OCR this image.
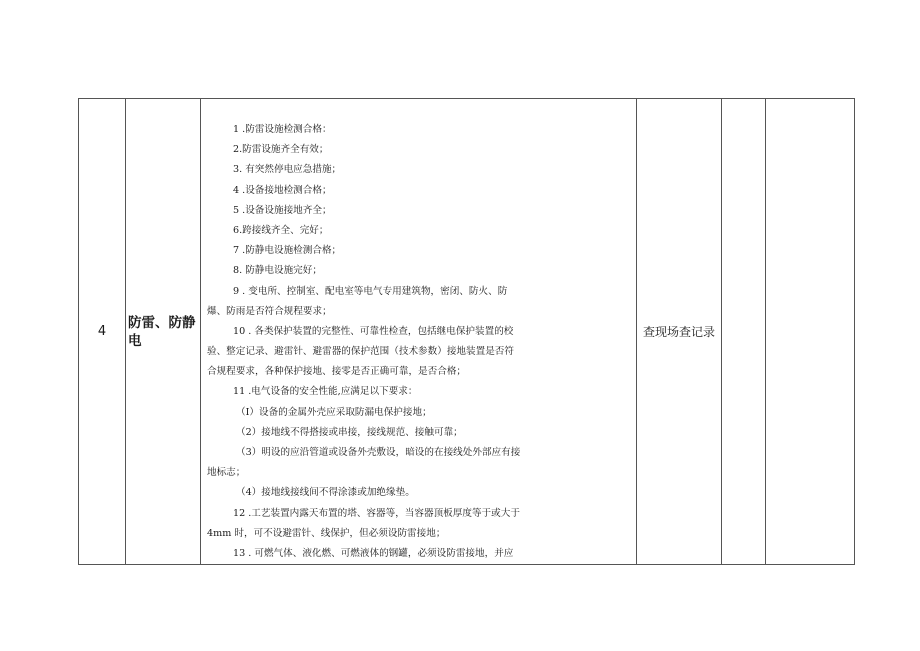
4	防雷、防静电	
1 .防雷设施检测合格：
2.防雷设施齐全有效；
3. 有突然停电应急措施；
4 .设备接地检测合格；
5 .设备设施接地齐全；
6.跨接线齐全、完好；
7 .防静电设施检测合格；
8. 防静电设施完好；
9 . 变电所、控制室、配电室等电气专用建筑物，密闭、防火、防
爆、防雨是否符合规程要求；
10 . 各类保护装置的完整性、可靠性检查，包括继电保护装置的校
验、整定记录、避雷针、避雷器的保护范围（技术参数）接地装置是否符
合规程要求，各种保护接地、接零是否正确可靠，是否合格；
11 .电气设备的安全性能,应满足以下要求：
（I）设备的金属外壳应采取防漏电保护接地；
（2）接地线不得搭接或串接，接线规范、接触可靠；
（3）明设的应沿管道或设备外壳敷设，暗设的在接线处外部应有接
地标志；
（4）接地线接线间不得涂漆或加绝缘垫。
12 .工艺装置内露天布置的塔、容器等，当容器顶板厚度等于或大于
4mm 时，可不设避雷针、线保护，但必须设防雷接地；
13 . 可燃气体、液化燃、可燃液体的钢罐，必须设防雷接地，并应
	查现场查记录		
